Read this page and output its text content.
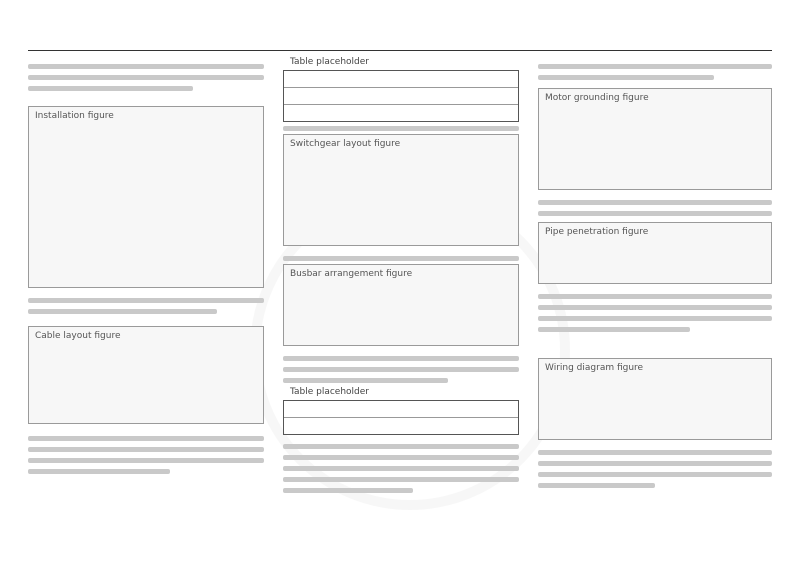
Installation figure
Cable layout figure
Table placeholder
Switchgear layout figure
Busbar arrangement figure
Table placeholder
Motor grounding figure
Pipe penetration figure
Wiring diagram figure
